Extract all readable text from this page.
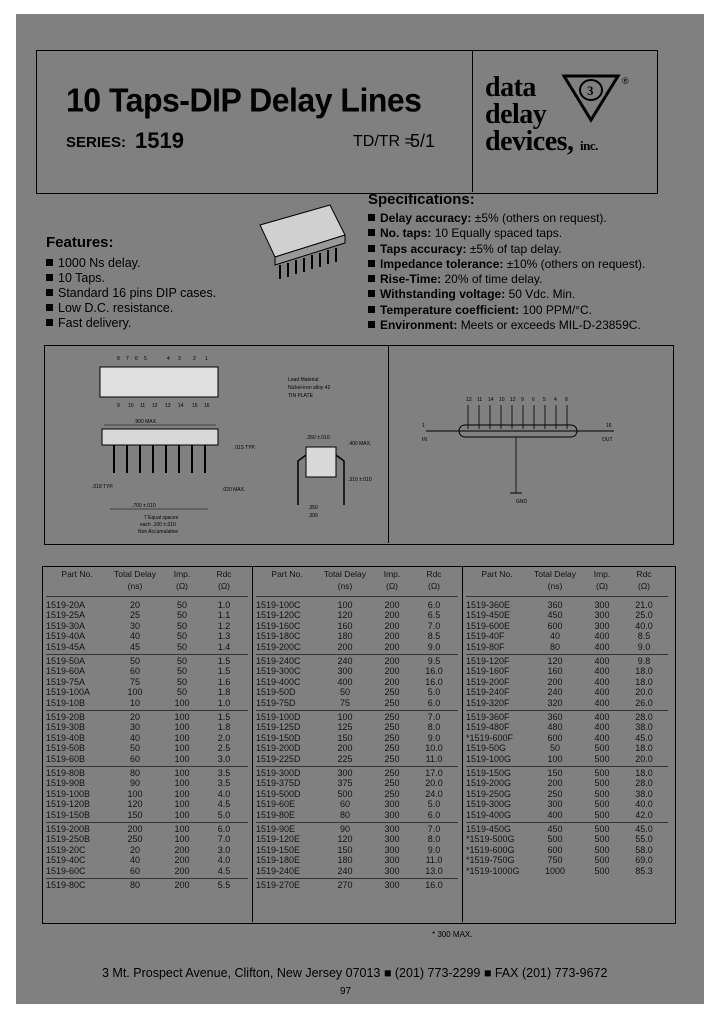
10 Taps-DIP Delay Lines
SERIES: 1519	TD/TR =
5/1
data
delay
devices, inc.
3
®
Features:
1000 Ns delay.
10 Taps.
Standard 16 pins DIP cases.
Low D.C. resistance.
Fast delivery.
Specifications:
Delay accuracy: ±5% (others on request).
No. taps: 10 Equally spaced taps.
Taps accuracy: ±5% of tap delay.
Impedance tolerance: ±10% (others on request).
Rise-Time: 20% of time delay.
Withstanding voltage: 50 Vdc. Min.
Temperature coefficient: 100 PPM/°C.
Environment: Meets or exceeds MIL-D-23859C.
8 7 6 5	4 3 2 1
9 10 11 12 13 14 15 16
.900 MAX.
.015 TYP.
.018 TYP.	.020 MAX.
.700 ±.010
7 Equal spaces
each .100 ±.010
Non Accumulative
Lead Material:
Nickel-iron alloy 42
TIN PLATE
.260 ±.010
.400 MAX.
.310 ±.010
.350
.300
13 11 14 10 12 9 6 5 4 8
1
IN
16
OUT
GND
Part No.	Total Delay
(ns)
Imp.
(Ω)
Rdc
(Ω)
1519-20A	20	50	1.0
1519-25A	25	50	1.1
1519-30A	30	50	1.2
1519-40A	40	50	1.3
1519-45A	45	50	1.4
1519-50A	50	50	1.5
1519-60A	60	50	1.5
1519-75A	75	50	1.6
1519-100A	100	50	1.8
1519-10B	10	100	1.0
1519-20B	20	100	1.5
1519-30B	30	100	1.8
1519-40B	40	100	2.0
1519-50B	50	100	2.5
1519-60B	60	100	3.0
1519-80B	80	100	3.5
1519-90B	90	100	3.5
1519-100B	100	100	4.0
1519-120B	120	100	4.5
1519-150B	150	100	5.0
1519-200B	200	100	6.0
1519-250B	250	100	7.0
1519-20C	20	200	3.0
1519-40C	40	200	4.0
1519-60C	60	200	4.5
1519-80C	80	200	5.5
Part No.	Total Delay
(ns)
Imp.
(Ω)
Rdc
(Ω)
1519-100C	100	200	6.0
1519-120C	120	200	6.5
1519-160C	160	200	7.0
1519-180C	180	200	8.5
1519-200C	200	200	9.0
1519-240C	240	200	9.5
1519-300C	300	200	16.0
1519-400C	400	200	16.0
1519-50D	50	250	5.0
1519-75D	75	250	6.0
1519-100D	100	250	7.0
1519-125D	125	250	8.0
1519-150D	150	250	9.0
1519-200D	200	250	10.0
1519-225D	225	250	11.0
1519-300D	300	250	17.0
1519-375D	375	250	20.0
1519-500D	500	250	24.0
1519-60E	60	300	5.0
1519-80E	80	300	6.0
1519-90E	90	300	7.0
1519-120E	120	300	8.0
1519-150E	150	300	9.0
1519-180E	180	300	11.0
1519-240E	240	300	13.0
1519-270E	270	300	16.0
Part No.	Total Delay
(ns)
Imp.
(Ω)
Rdc
(Ω)
1519-360E	360	300	21.0
1519-450E	450	300	25.0
1519-600E	600	300	40.0
1519-40F	40	400	8.5
1519-80F	80	400	9.0
1519-120F	120	400	9.8
1519-160F	160	400	18.0
1519-200F	200	400	18.0
1519-240F	240	400	20.0
1519-320F	320	400	26.0
1519-360F	360	400	28.0
1519-480F	480	400	38.0
*1519-600F	600	400	45.0
1519-50G	50	500	18.0
1519-100G	100	500	20.0
1519-150G	150	500	18.0
1519-200G	200	500	28.0
1519-250G	250	500	38.0
1519-300G	300	500	40.0
1519-400G	400	500	42.0
1519-450G	450	500	45.0
*1519-500G	500	500	55.0
*1519-600G	600	500	58.0
*1519-750G	750	500	69.0
*1519-1000G	1000	500	85.3
* 300 MAX.
3 Mt. Prospect Avenue, Clifton, New Jersey 07013 ■ (201) 773-2299 ■ FAX (201) 773-9672
97
